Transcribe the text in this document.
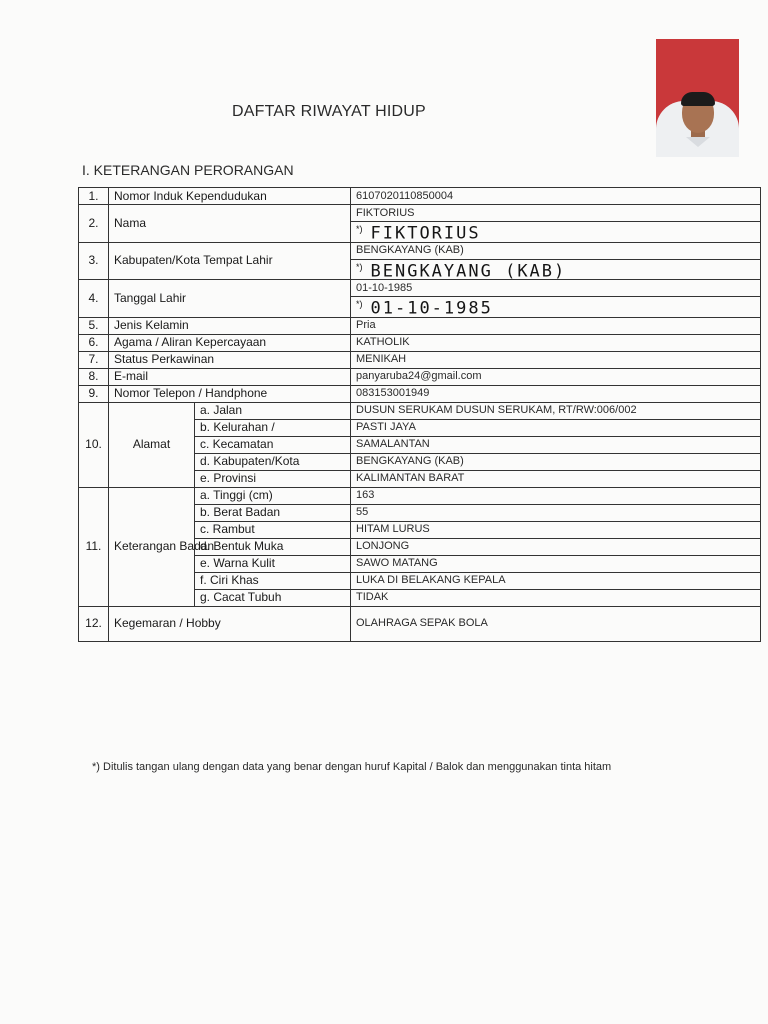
DAFTAR RIWAYAT HIDUP
I. KETERANGAN PERORANGAN
1.	Nomor Induk Kependudukan		6107020110850004
2.	Nama		FIKTORIUS
			*) FIKTORIUS
3.	Kabupaten/Kota Tempat Lahir		BENGKAYANG (KAB)
			*) BENGKAYANG (KAB)
4.	Tanggal Lahir		01-10-1985
			*) 01-10-1985
5.	Jenis Kelamin		Pria
6.	Agama / Aliran Kepercayaan		KATHOLIK
7.	Status Perkawinan		MENIKAH
8.	E-mail		panyaruba24@gmail.com
9.	Nomor Telepon / Handphone		083153001949
10.	Alamat	a. Jalan	DUSUN SERUKAM DUSUN SERUKAM, RT/RW:006/002
		b. Kelurahan /	PASTI JAYA
		c. Kecamatan	SAMALANTAN
		d. Kabupaten/Kota	BENGKAYANG (KAB)
		e. Provinsi	KALIMANTAN BARAT
11.	Keterangan Badan	a. Tinggi (cm)	163
		b. Berat Badan	55
		c. Rambut	HITAM LURUS
		d. Bentuk Muka	LONJONG
		e. Warna Kulit	SAWO MATANG
		f. Ciri Khas	LUKA DI BELAKANG KEPALA
		g. Cacat Tubuh	TIDAK
12.	Kegemaran / Hobby		OLAHRAGA SEPAK BOLA
*) Ditulis tangan ulang dengan data yang benar dengan huruf Kapital / Balok dan menggunakan tinta hitam
